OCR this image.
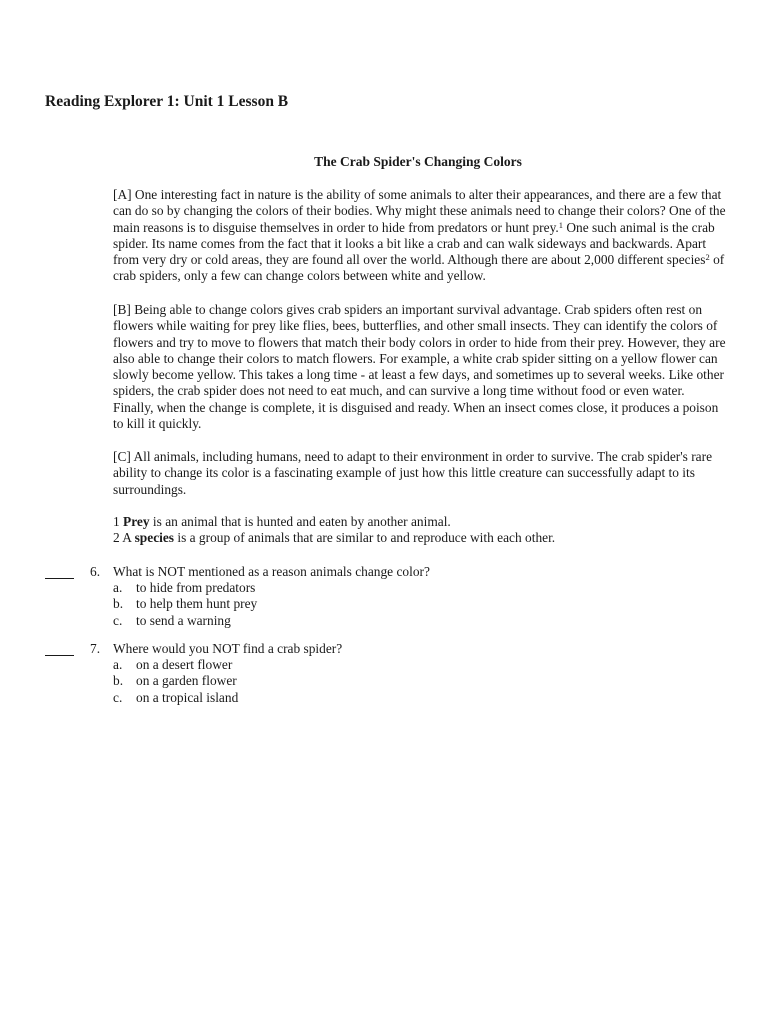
Reading Explorer 1: Unit 1 Lesson B
The Crab Spider's Changing Colors

[A] One interesting fact in nature is the ability of some animals to alter their appearances, and there are a few that can do so by changing the colors of their bodies. Why might these animals need to change their colors? One of the main reasons is to disguise themselves in order to hide from predators or hunt prey.$^1$ One such animal is the crab spider. Its name comes from the fact that it looks a bit like a crab and can walk sideways and backwards. Apart from very dry or cold areas, they are found all over the world. Although there are about 2,000 different species$^2$ of crab spiders, only a few can change colors between white and yellow.

[B] Being able to change colors gives crab spiders an important survival advantage. Crab spiders often rest on flowers while waiting for prey like flies, bees, butterflies, and other small insects. They can identify the colors of flowers and try to move to flowers that match their body colors in order to hide from their prey. However, they are also able to change their colors to match flowers. For example, a white crab spider sitting on a yellow flower can slowly become yellow. This takes a long time - at least a few days, and sometimes up to several weeks. Like other spiders, the crab spider does not need to eat much, and can survive a long time without food or even water. Finally, when the change is complete, it is disguised and ready. When an insect comes close, it produces a poison to kill it quickly.

[C] All animals, including humans, need to adapt to their environment in order to survive. The crab spider's rare ability to change its color is a fascinating example of just how this little creature can successfully adapt to its surroundings.

1 Prey is an animal that is hunted and eaten by another animal.
2 A species is a group of animals that are similar to and reproduce with each other.
6. What is NOT mentioned as a reason animals change color?
a. to hide from predators
b. to help them hunt prey
c. to send a warning
7. Where would you NOT find a crab spider?
a. on a desert flower
b. on a garden flower
c. on a tropical island
